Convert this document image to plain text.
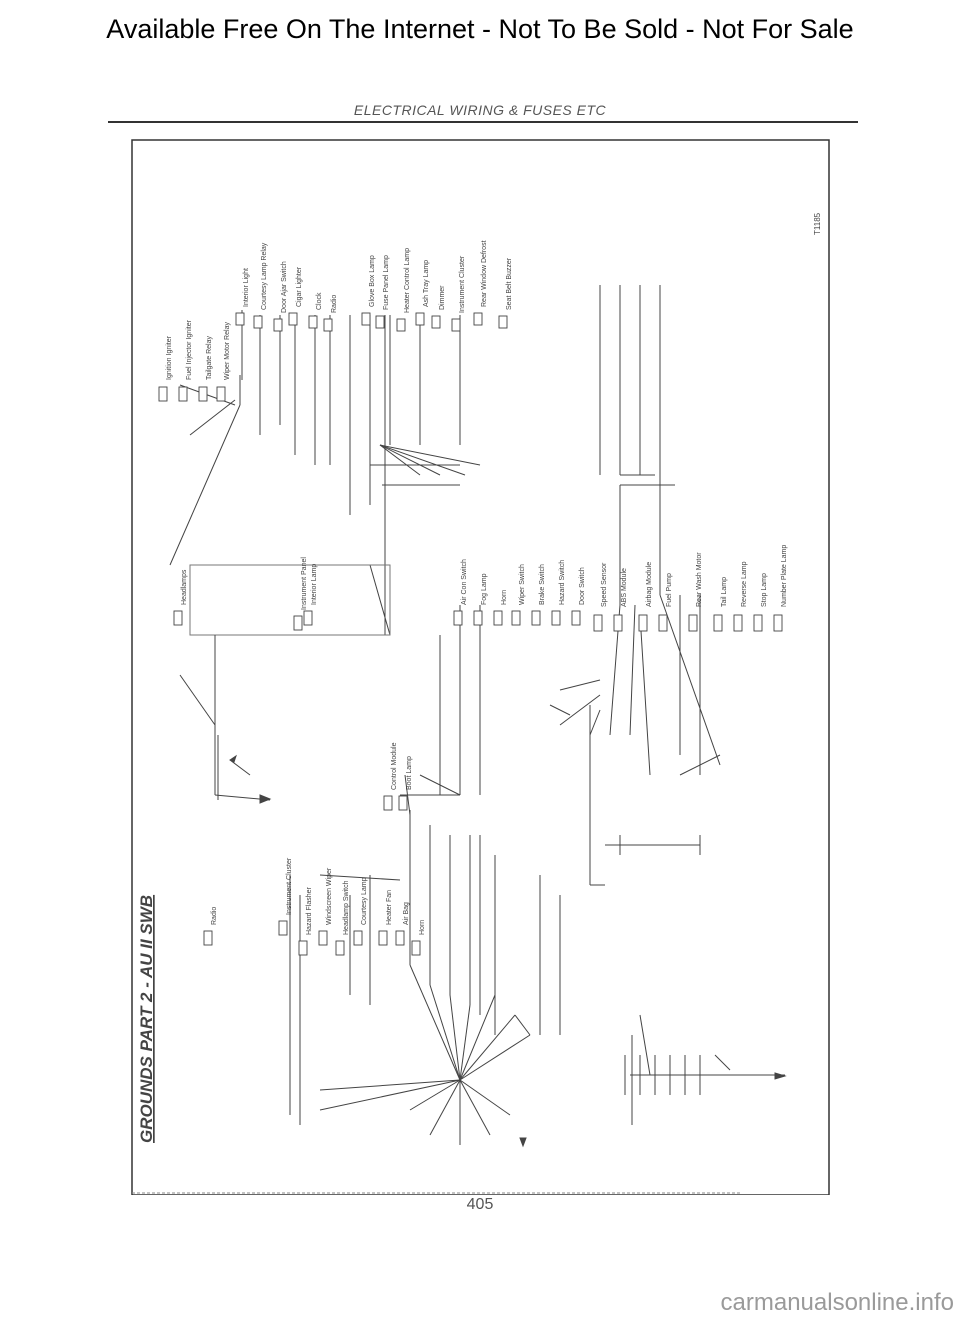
Available Free On The Internet - Not To Be Sold - Not For Sale
ELECTRICAL WIRING & FUSES ETC
GROUNDS PART 2 - AU II SWB
T1185
Ignition Igniter Fuel Injector Igniter Tailgate Relay Wiper Motor Relay
Interior Light Courtesy Lamp Relay Door Ajar Switch Cigar Lighter Clock Radio	Glove Box Lamp Fuse Panel Lamp Heater Control Lamp Ash Tray Lamp Dimmer Instrument Cluster Rear Window Defrost	Seat Belt Buzzer
Headlamps	Instrument Panel Interior Lamp
Control Module Boot Lamp
Air Con Switch Fog Lamp Horn Wiper Switch Brake Switch Hazard Switch Door Switch Speed Sensor ABS Module	Airbag Module Fuel Pump	Rear Wash Motor	Tail Lamp Reverse Lamp Stop Lamp Number Plate Lamp
Radio
Instrument Cluster Hazard Flasher Windscreen Wiper Headlamp Switch Courtesy Lamp	Heater Fan Air Bag
Horn
405
carmanualsonline.info
